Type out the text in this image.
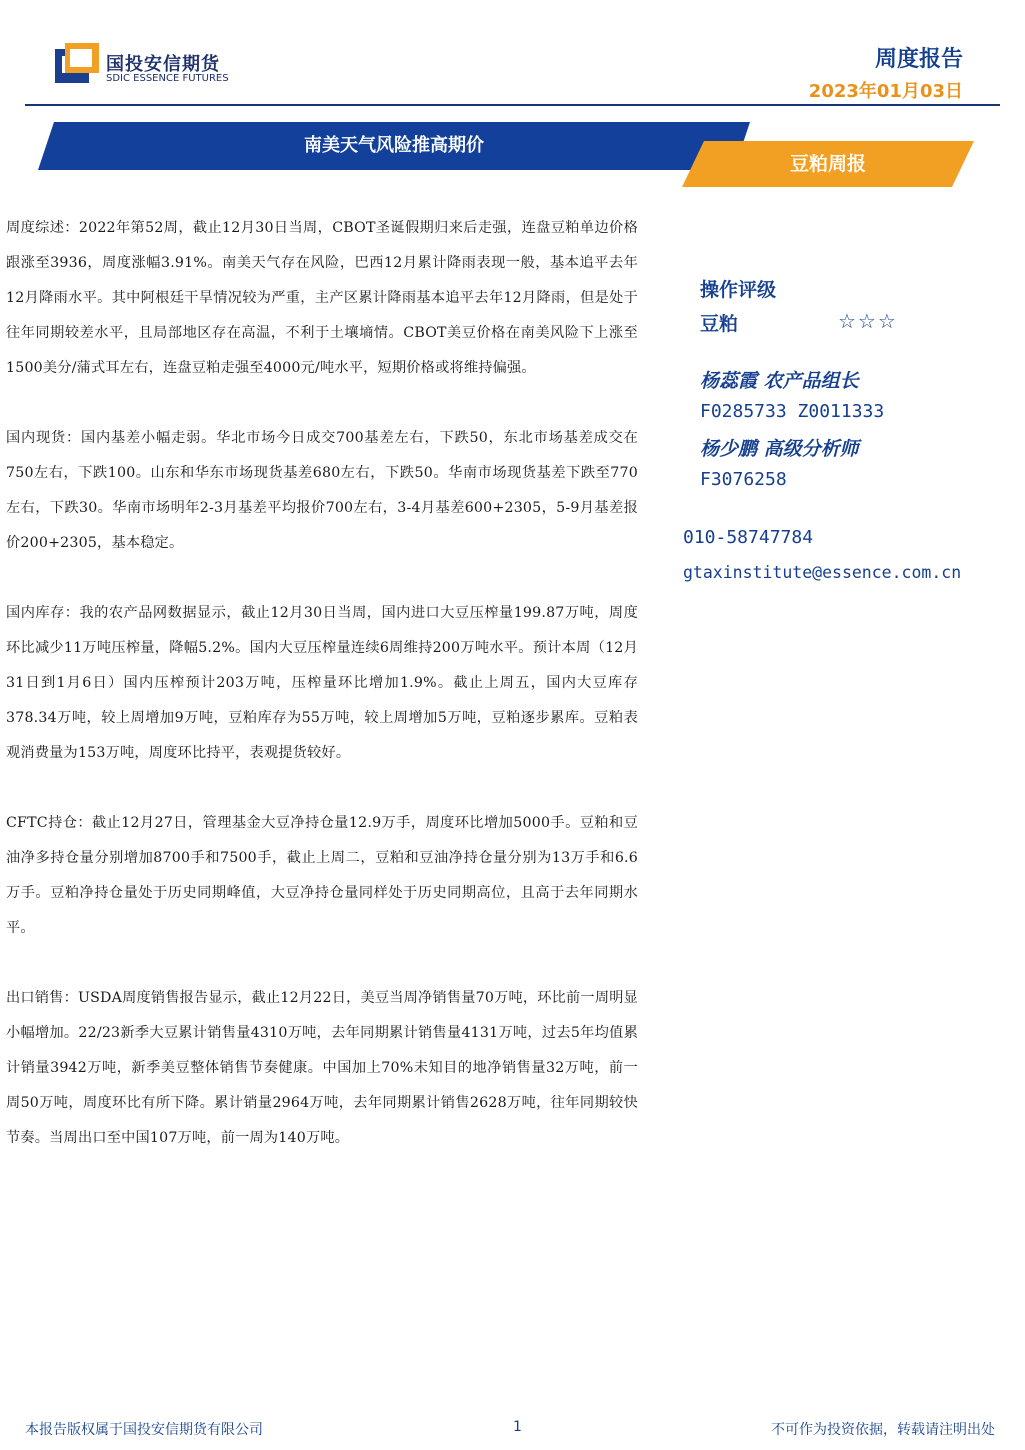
国投安信期货
SDIC ESSENCE FUTURES
周度报告
2023年01月03日
南美天气风险推高期价
豆粕周报

周度综述：2022年第52周，截止12月30日当周，CBOT圣诞假期归来后走强，连盘豆粕单边价格跟涨至3936，周度涨幅3.91%。南美天气存在风险，巴西12月累计降雨表现一般，基本追平去年12月降雨水平。其中阿根廷干旱情况较为严重，主产区累计降雨基本追平去年12月降雨，但是处于往年同期较差水平，且局部地区存在高温，不利于土壤墒情。CBOT美豆价格在南美风险下上涨至1500美分/蒲式耳左右，连盘豆粕走强至4000元/吨水平，短期价格或将维持偏强。

国内现货：国内基差小幅走弱。华北市场今日成交700基差左右，下跌50，东北市场基差成交在750左右，下跌100。山东和华东市场现货基差680左右，下跌50。华南市场现货基差下跌至770左右，下跌30。华南市场明年2-3月基差平均报价700左右，3-4月基差600+2305，5-9月基差报价200+2305，基本稳定。

国内库存：我的农产品网数据显示，截止12月30日当周，国内进口大豆压榨量199.87万吨，周度环比减少11万吨压榨量，降幅5.2%。国内大豆压榨量连续6周维持200万吨水平。预计本周（12月31日到1月6日）国内压榨预计203万吨，压榨量环比增加1.9%。截止上周五，国内大豆库存378.34万吨，较上周增加9万吨，豆粕库存为55万吨，较上周增加5万吨，豆粕逐步累库。豆粕表观消费量为153万吨，周度环比持平，表观提货较好。

CFTC持仓：截止12月27日，管理基金大豆净持仓量12.9万手，周度环比增加5000手。豆粕和豆油净多持仓量分别增加8700手和7500手，截止上周二，豆粕和豆油净持仓量分别为13万手和6.6万手。豆粕净持仓量处于历史同期峰值，大豆净持仓量同样处于历史同期高位，且高于去年同期水平。

出口销售：USDA周度销售报告显示，截止12月22日，美豆当周净销售量70万吨，环比前一周明显小幅增加。22/23新季大豆累计销售量4310万吨，去年同期累计销售量4131万吨，过去5年均值累计销量3942万吨，新季美豆整体销售节奏健康。中国加上70%未知目的地净销售量32万吨，前一周50万吨，周度环比有所下降。累计销量2964万吨，去年同期累计销售2628万吨，往年同期较快节奏。当周出口至中国107万吨，前一周为140万吨。

操作评级
豆粕	☆☆☆
杨蕊霞 农产品组长
F0285733 Z0011333
杨少鹏 高级分析师
F3076258
010-58747784
gtaxinstitute@essence.com.cn
本报告版权属于国投安信期货有限公司	1	不可作为投资依据，转载请注明出处
